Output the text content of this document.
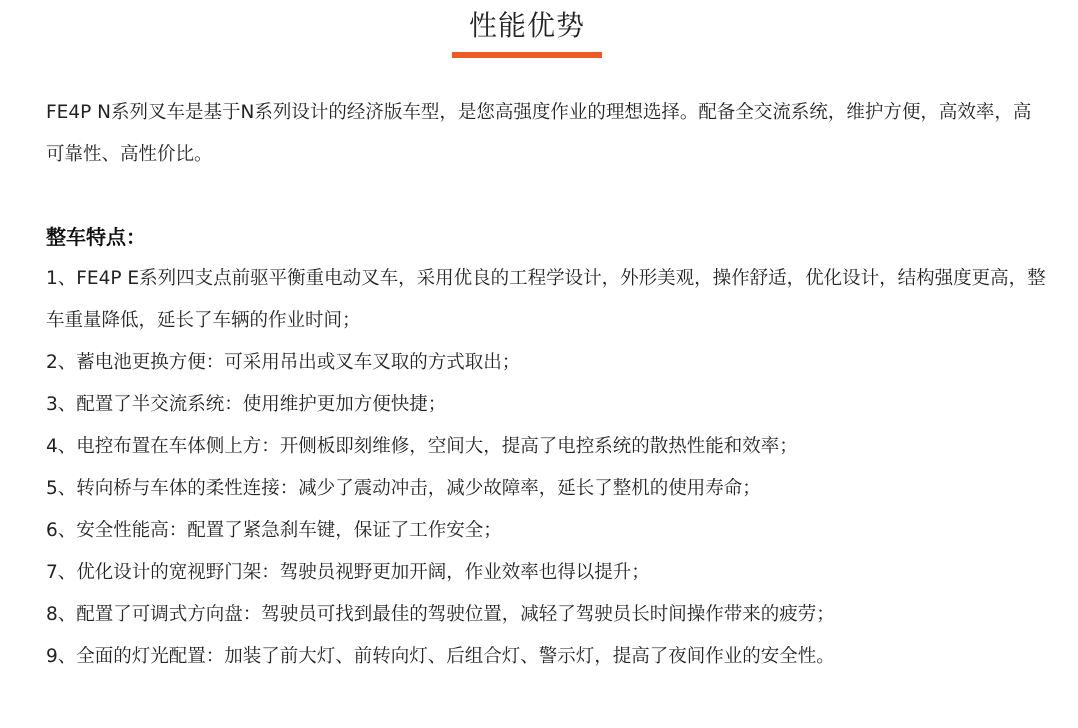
性能优势

FE4P N系列叉车是基于N系列设计的经济版车型，是您高强度作业的理想选择。配备全交流系统，维护方便，高效率，高可靠性、高性价比。

整车特点：
1、FE4P E系列四支点前驱平衡重电动叉车，采用优良的工程学设计，外形美观，操作舒适，优化设计，结构强度更高，整车重量降低，延长了车辆的作业时间；
2、蓄电池更换方便：可采用吊出或叉车叉取的方式取出；
3、配置了半交流系统：使用维护更加方便快捷；
4、电控布置在车体侧上方：开侧板即刻维修，空间大，提高了电控系统的散热性能和效率；
5、转向桥与车体的柔性连接：减少了震动冲击，减少故障率，延长了整机的使用寿命；
6、安全性能高：配置了紧急刹车键，保证了工作安全；
7、优化设计的宽视野门架：驾驶员视野更加开阔，作业效率也得以提升；
8、配置了可调式方向盘：驾驶员可找到最佳的驾驶位置，减轻了驾驶员长时间操作带来的疲劳；
9、全面的灯光配置：加装了前大灯、前转向灯、后组合灯、警示灯，提高了夜间作业的安全性。
